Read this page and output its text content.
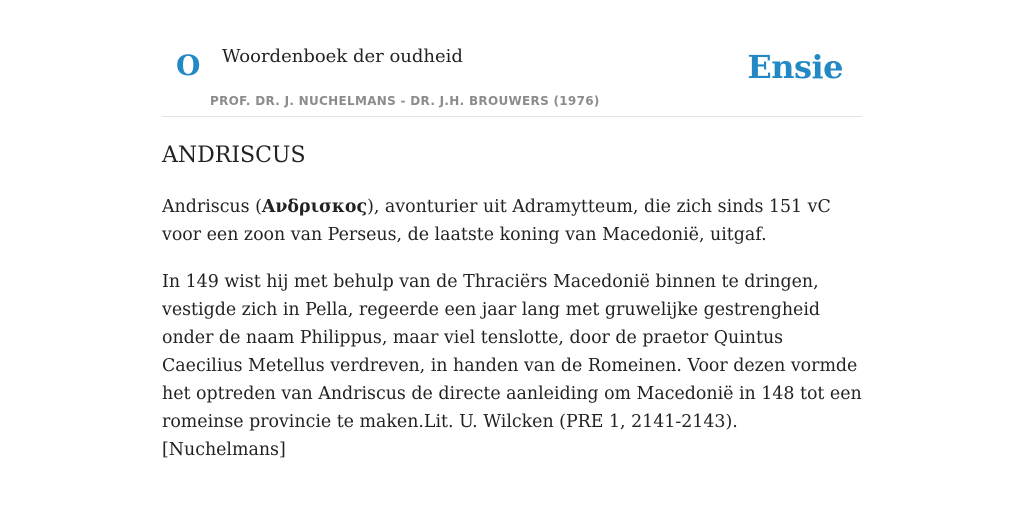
O Woordenboek der oudheid	Ensie
PROF. DR. J. NUCHELMANS - DR. J.H. BROUWERS (1976)
ANDRISCUS

Andriscus (Ανδρισκος), avonturier uit Adramytteum, die zich sinds 151 vC voor een zoon van Perseus, de laatste koning van Macedonië, uitgaf.

In 149 wist hij met behulp van de Thraciërs Macedonië binnen te dringen, vestigde zich in Pella, regeerde een jaar lang met gruwelijke gestrengheid onder de naam Philippus, maar viel tenslotte, door de praetor Quintus Caecilius Metellus verdreven, in handen van de Romeinen. Voor dezen vormde het optreden van Andriscus de directe aanleiding om Macedonië in 148 tot een romeinse provincie te maken.Lit. U. Wilcken (PRE 1, 2141-2143). [Nuchelmans]
